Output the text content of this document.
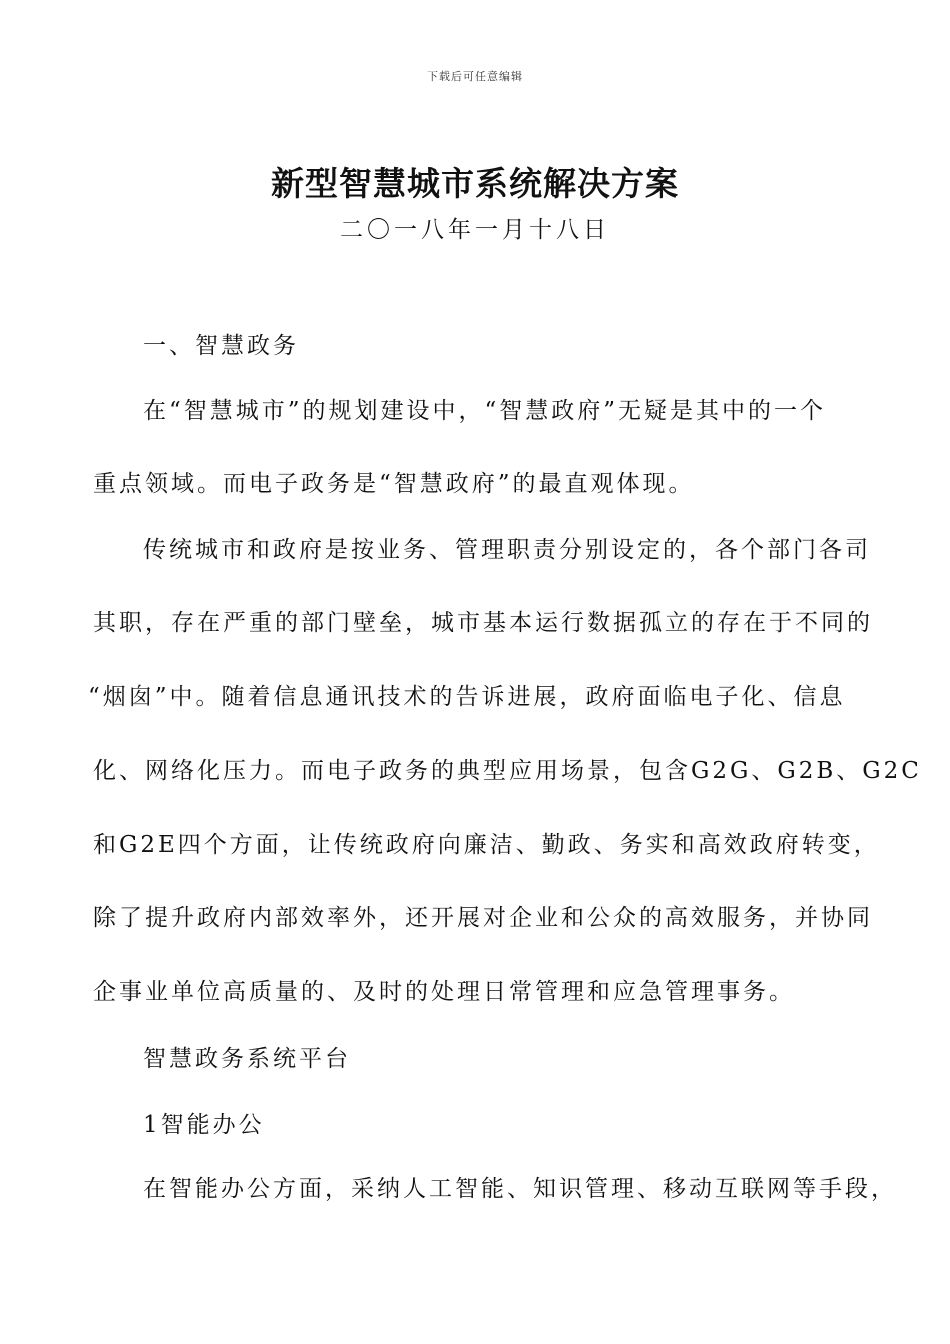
下载后可任意编辑
新型智慧城市系统解决方案
二〇一八年一月十八日
一、智慧政务
在“智慧城市”的规划建设中，“智慧政府”无疑是其中的一个
重点领域。而电子政务是“智慧政府”的最直观体现。
传统城市和政府是按业务、管理职责分别设定的，各个部门各司
其职，存在严重的部门壁垒，城市基本运行数据孤立的存在于不同的
“烟囱”中。随着信息通讯技术的告诉进展，政府面临电子化、信息
化、网络化压力。而电子政务的典型应用场景，包含G2G、G2B、G2C
和G2E四个方面，让传统政府向廉洁、勤政、务实和高效政府转变，
除了提升政府内部效率外，还开展对企业和公众的高效服务，并协同
企事业单位高质量的、及时的处理日常管理和应急管理事务。
智慧政务系统平台
1智能办公
在智能办公方面，采纳人工智能、知识管理、移动互联网等手段，
